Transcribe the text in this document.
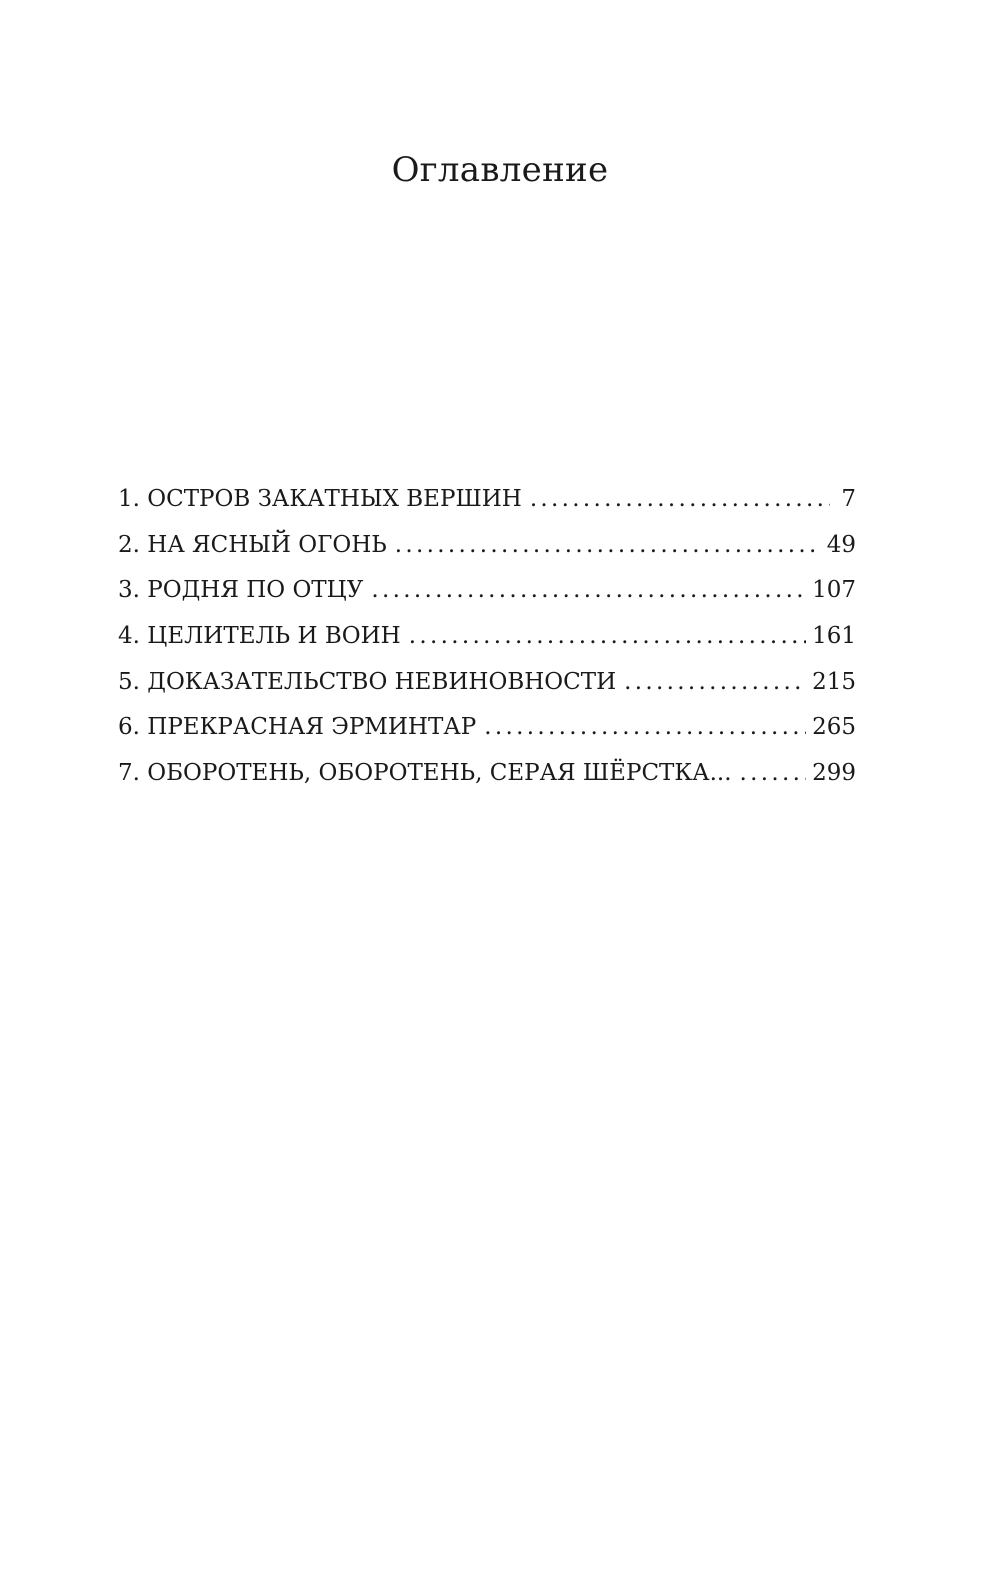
Оглавление
1. ОСТРОВ ЗАКАТНЫХ ВЕРШИН . . .	7
2. НА ЯСНЫЙ ОГОНЬ . . .	49
3. РОДНЯ ПО ОТЦУ . . .	107
4. ЦЕЛИТЕЛЬ И ВОИН . . .	161
5. ДОКАЗАТЕЛЬСТВО НЕВИНОВНОСТИ . . .	215
6. ПРЕКРАСНАЯ ЭРМИНТАР . . .	265
7. ОБОРОТЕНЬ, ОБОРОТЕНЬ, СЕРАЯ ШЁРСТКА... . . .	299
